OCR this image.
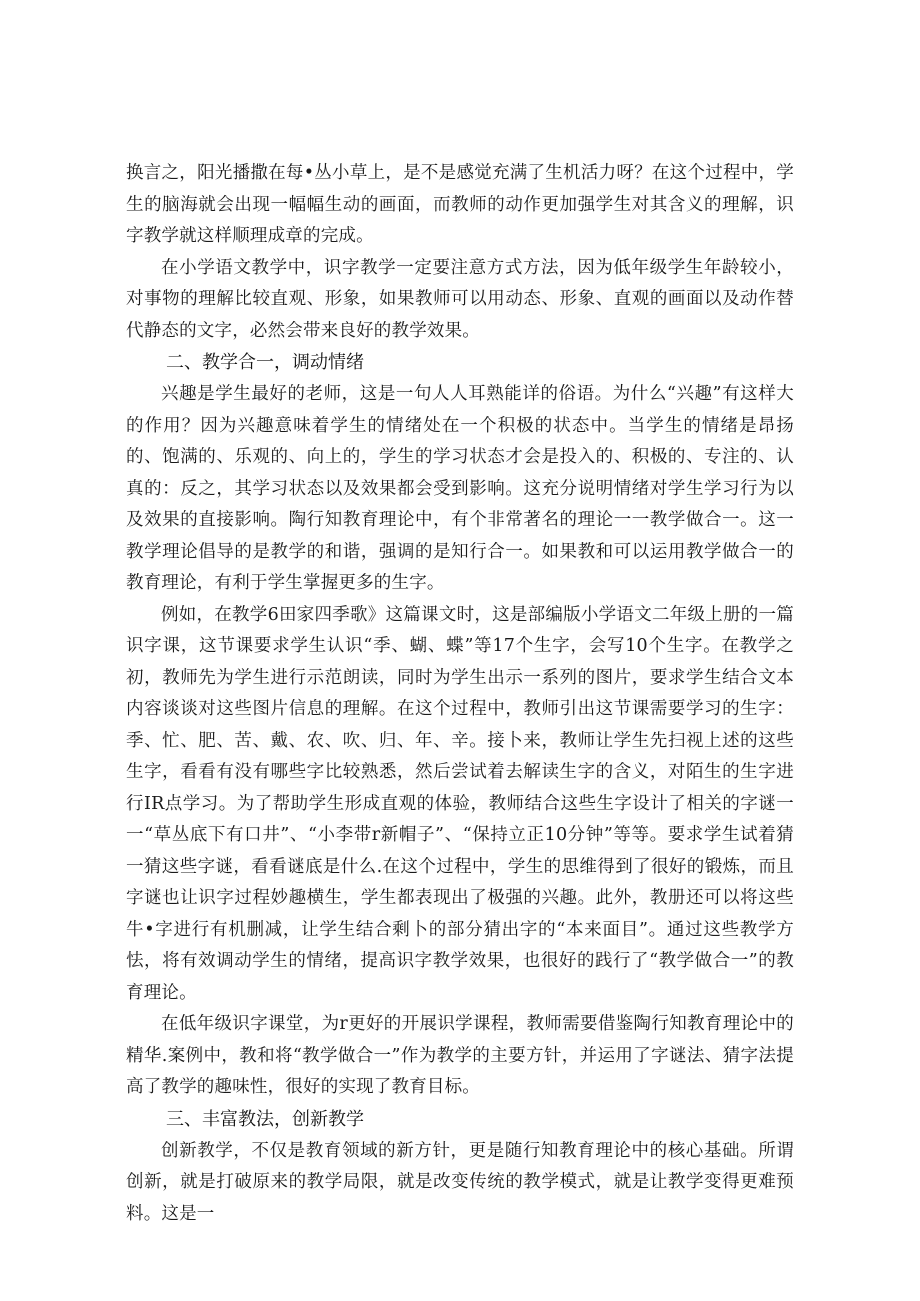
换言之，阳光播撒在每•丛小草上，是不是感觉充满了生机活力呀？在这个过程中，学生的脑海就会出现一幅幅生动的画面，而教师的动作更加强学生对其含义的理解，识字教学就这样顺理成章的完成。

在小学语文教学中，识字教学一定要注意方式方法，因为低年级学生年龄较小，对事物的理解比较直观、形象，如果教师可以用动态、形象、直观的画面以及动作替代静态的文字，必然会带来良好的教学效果。

二、教学合一，调动情绪

兴趣是学生最好的老师，这是一句人人耳熟能详的俗语。为什么“兴趣”有这样大的作用？因为兴趣意味着学生的情绪处在一个积极的状态中。当学生的情绪是昂扬的、饱满的、乐观的、向上的，学生的学习状态才会是投入的、积极的、专注的、认真的：反之，其学习状态以及效果都会受到影响。这充分说明情绪对学生学习行为以及效果的直接影响。陶行知教育理论中，有个非常著名的理论一一教学做合一。这一教学理论倡导的是教学的和谐，强调的是知行合一。如果教和可以运用教学做合一的教育理论，有利于学生掌握更多的生字。

例如，在教学6田家四季歌》这篇课文时，这是部编版小学语文二年级上册的一篇识字课，这节课要求学生认识“季、蝴、蝶”等17个生字，会写10个生字。在教学之初，教师先为学生进行示范朗读，同时为学生出示一系列的图片，要求学生结合文本内容谈谈对这些图片信息的理解。在这个过程中，教师引出这节课需要学习的生字：季、忙、肥、苦、戴、农、吹、归、年、辛。接卜来，教师让学生先扫视上述的这些生字，看看有没有哪些字比较熟悉，然后尝试着去解读生字的含义，对陌生的生字进行IR点学习。为了帮助学生形成直观的体验，教师结合这些生字设计了相关的字谜一一“草丛底下有口井”、“小李带r新帽子”、“保持立正10分钟”等等。要求学生试着猜一猜这些字谜，看看谜底是什么.在这个过程中，学生的思维得到了很好的锻炼，而且字谜也让识字过程妙趣横生，学生都表现出了极强的兴趣。此外，教册还可以将这些牛•字进行有机删减，让学生结合剩卜的部分猜出字的“本来面目”。通过这些教学方怯，将有效调动学生的情绪，提高识字教学效果，也很好的践行了“教学做合一”的教育理论。

在低年级识字课堂，为r更好的开展识学课程，教师需要借鉴陶行知教育理论中的精华.案例中，教和将“教学做合一”作为教学的主要方针，并运用了字谜法、猜字法提高了教学的趣味性，很好的实现了教育目标。

三、丰富教法，创新教学

创新教学，不仅是教育领域的新方针，更是随行知教育理论中的核心基础。所谓创新，就是打破原来的教学局限，就是改变传统的教学模式，就是让教学变得更难预料。这是一
